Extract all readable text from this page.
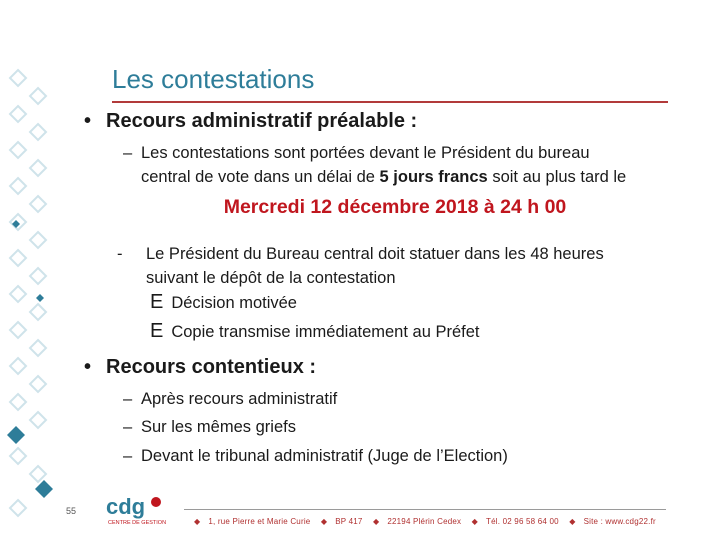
Les contestations
• Recours administratif préalable :
– Les contestations sont portées devant le Président du bureau
central de vote dans un délai de 5 jours francs soit au plus tard le
Mercredi 12 décembre 2018 à 24 h 00
-	Le Président du Bureau central doit statuer dans les 48 heures
suivant le dépôt de la contestation
E Décision motivée
E Copie transmise immédiatement au Préfet
• Recours contentieux :
– Après recours administratif
– Sur les mêmes griefs
– Devant le tribunal administratif (Juge de l’Election)
55 cdg
CENTRE DE GESTION	◆ 1, rue Pierre et Marie Curie ◆ BP 417 ◆ 22194 Plérin Cedex ◆ Tél. 02 96 58 64 00 ◆ Site : www.cdg22.fr
